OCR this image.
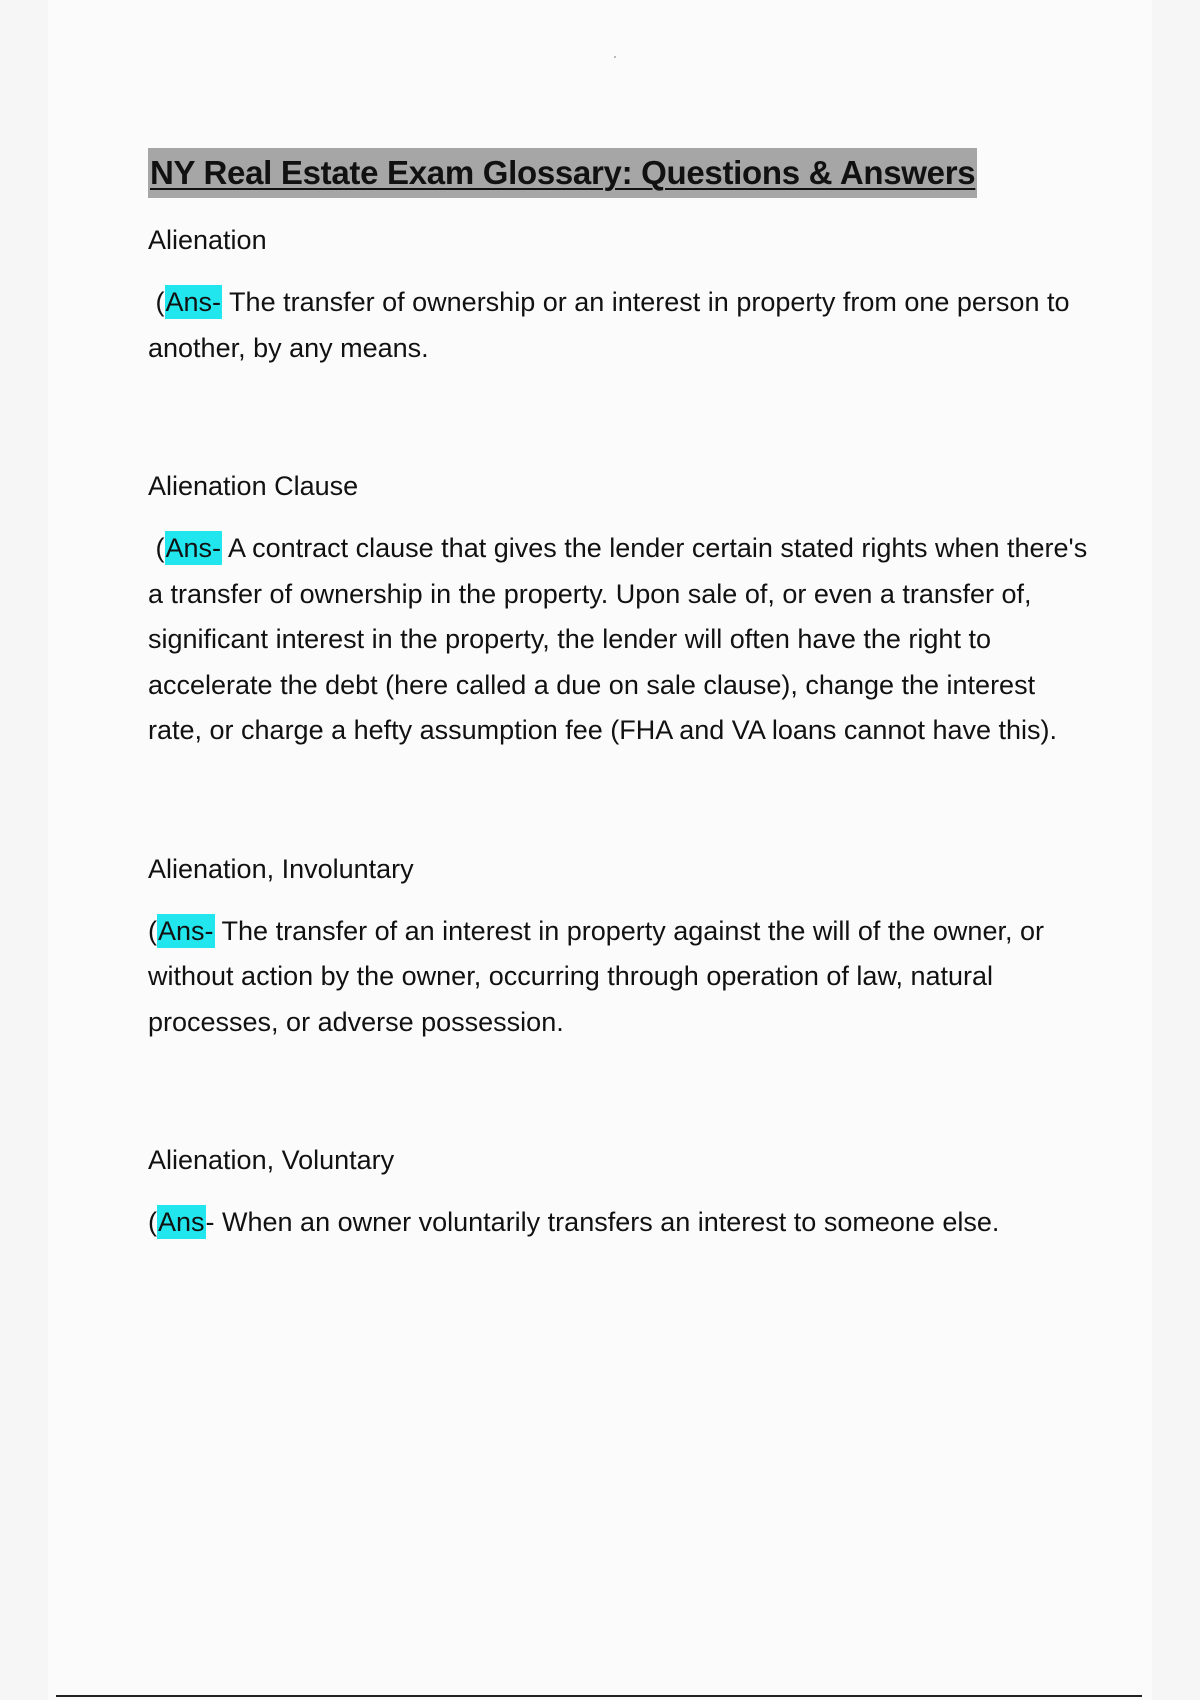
NY Real Estate Exam Glossary: Questions & Answers

Alienation

(Ans- The transfer of ownership or an interest in property from one person to another, by any means.

Alienation Clause

(Ans- A contract clause that gives the lender certain stated rights when there's a transfer of ownership in the property. Upon sale of, or even a transfer of, significant interest in the property, the lender will often have the right to accelerate the debt (here called a due on sale clause), change the interest rate, or charge a hefty assumption fee (FHA and VA loans cannot have this).

Alienation, Involuntary

(Ans- The transfer of an interest in property against the will of the owner, or without action by the owner, occurring through operation of law, natural processes, or adverse possession.

Alienation, Voluntary

(Ans- When an owner voluntarily transfers an interest to someone else.
